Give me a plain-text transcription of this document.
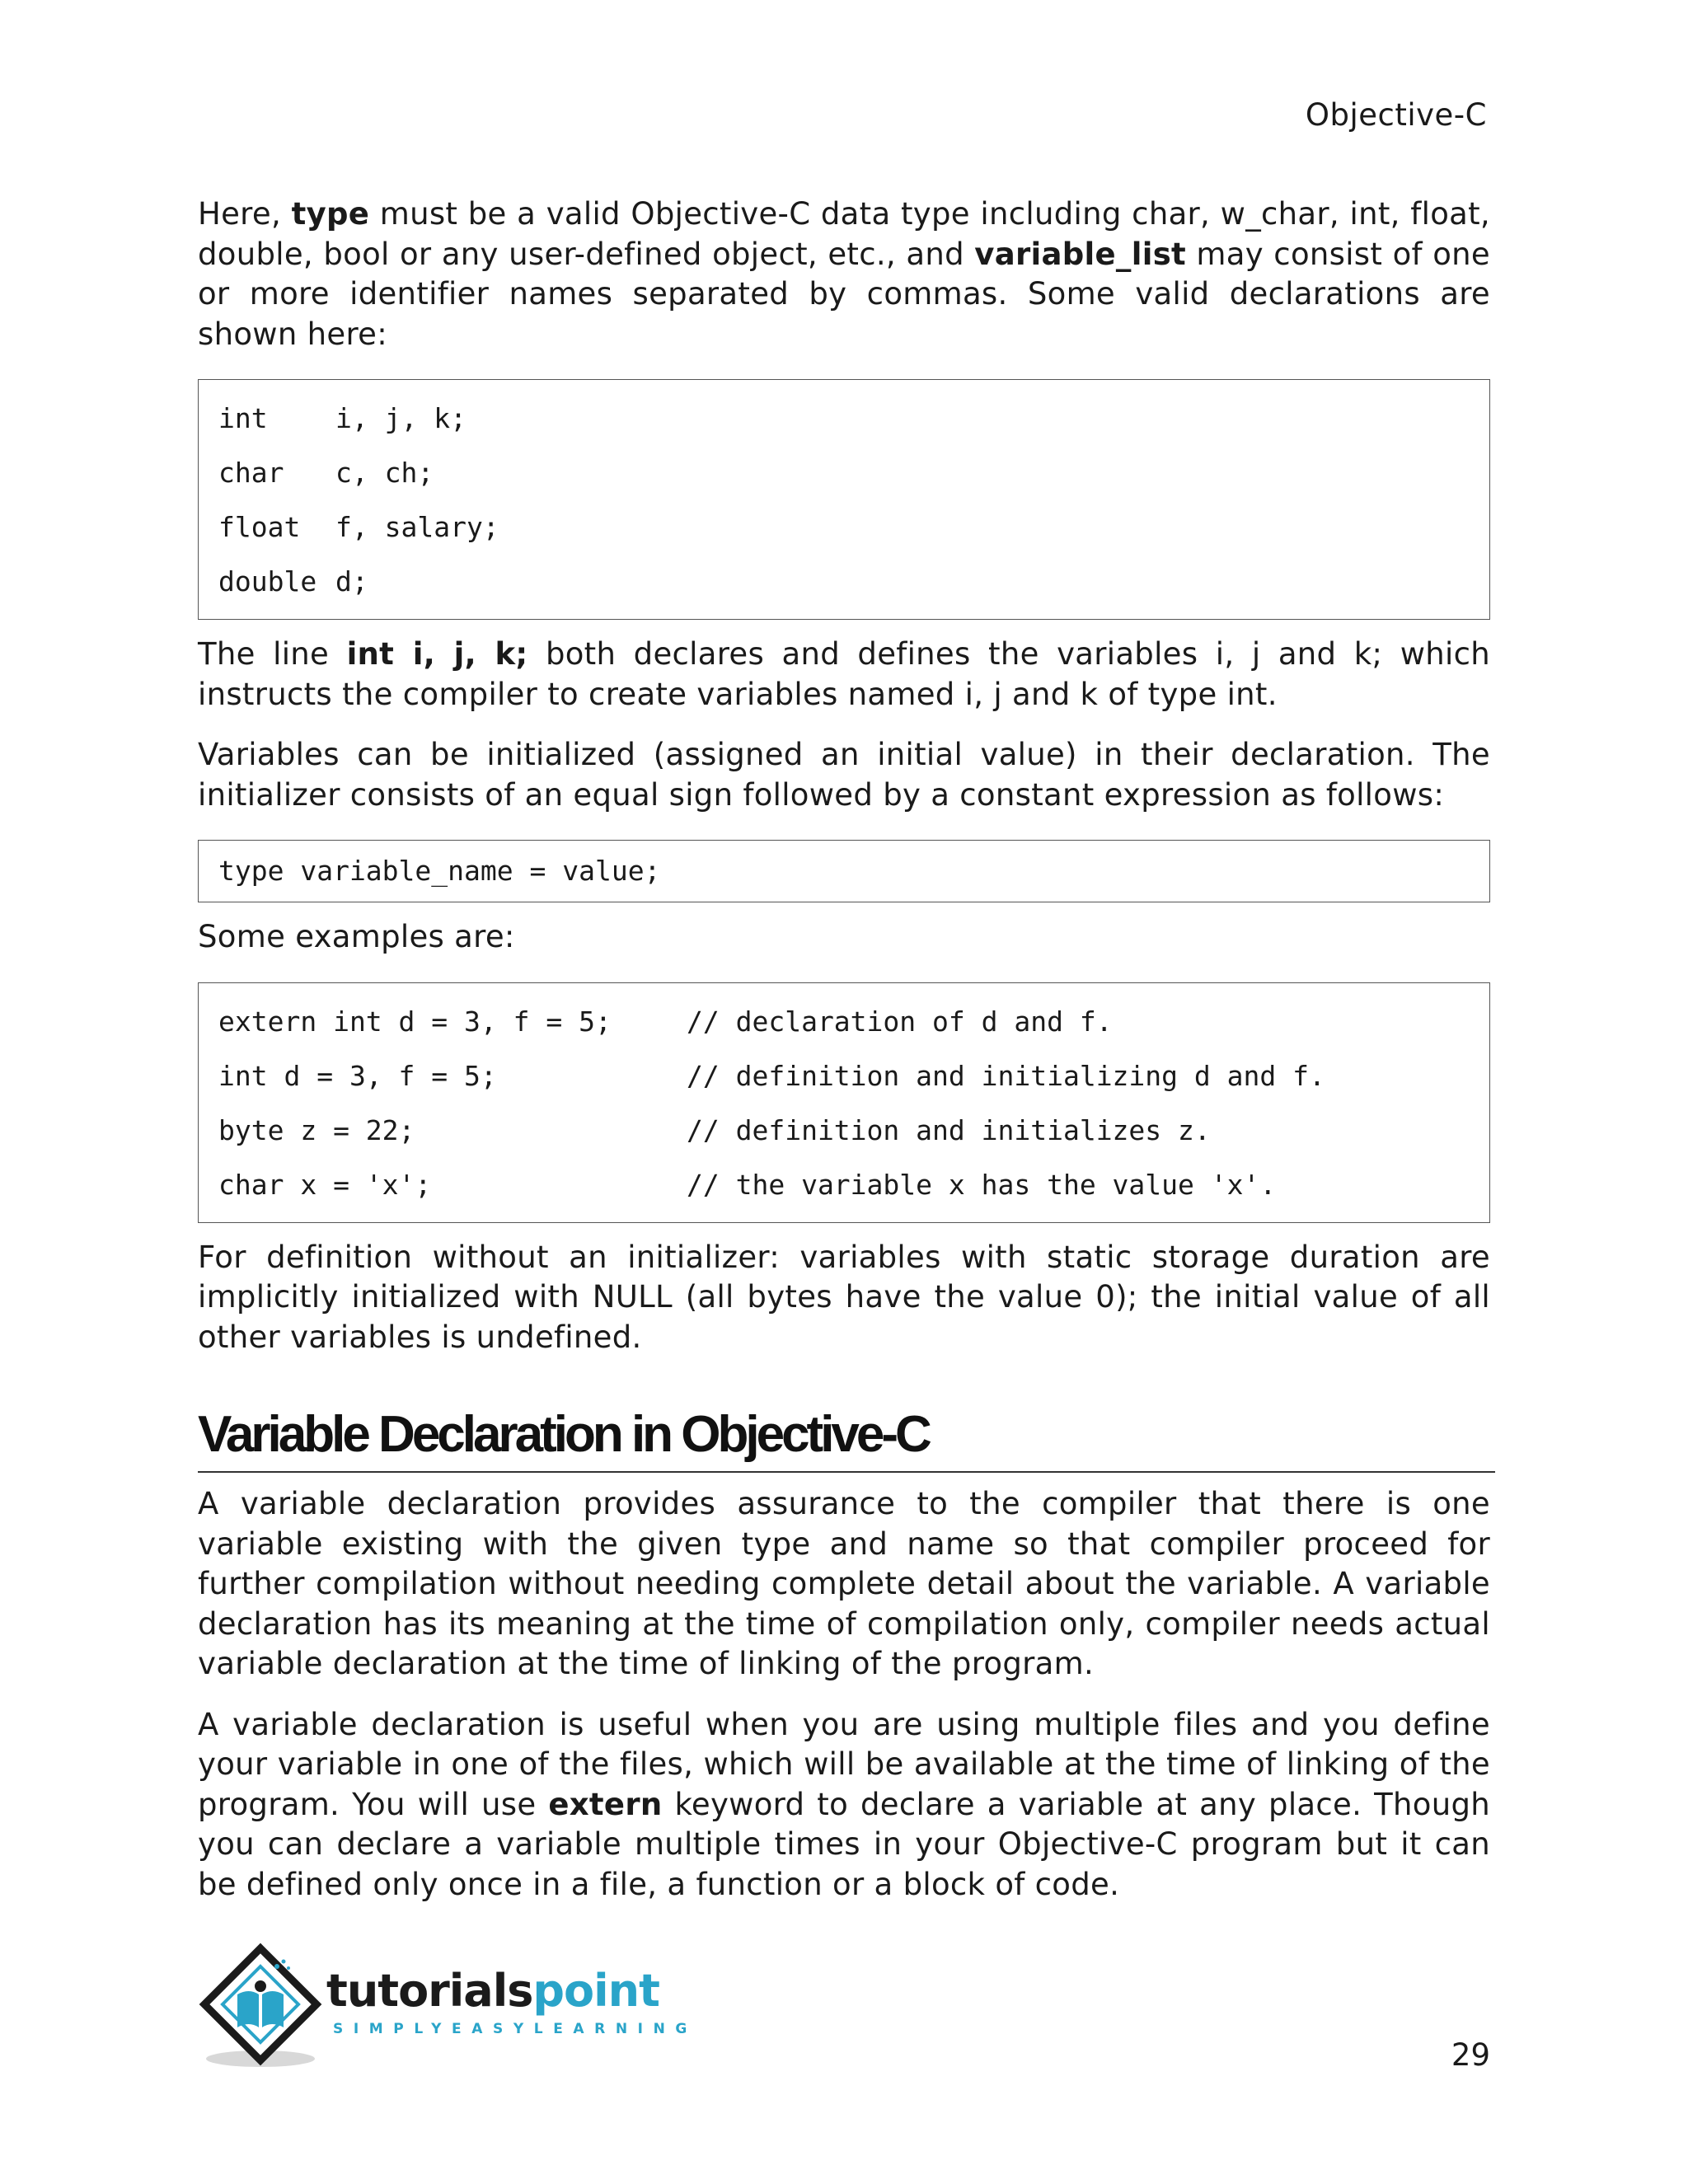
Objective-C

Here, type must be a valid Objective-C data type including char, w_char, int, float, double, bool or any user-defined object, etc., and variable_list may consist of one or more identifier names separated by commas. Some valid declarations are shown here:

int i, j, k;
char c, ch;
float f, salary;
double d;

The line int i, j, k; both declares and defines the variables i, j and k; which instructs the compiler to create variables named i, j and k of type int.

Variables can be initialized (assigned an initial value) in their declaration. The initializer consists of an equal sign followed by a constant expression as follows:

type variable_name = value;

Some examples are:

extern int d = 3, f = 5;	// declaration of d and f.
int d = 3, f = 5;	// definition and initializing d and f.
byte z = 22;	// definition and initializes z.
char x = 'x';	// the variable x has the value 'x'.

For definition without an initializer: variables with static storage duration are implicitly initialized with NULL (all bytes have the value 0); the initial value of all other variables is undefined.

Variable Declaration in Objective-C

A variable declaration provides assurance to the compiler that there is one variable existing with the given type and name so that compiler proceed for further compilation without needing complete detail about the variable. A variable declaration has its meaning at the time of compilation only, compiler needs actual variable declaration at the time of linking of the program.

A variable declaration is useful when you are using multiple files and you define your variable in one of the files, which will be available at the time of linking of the program. You will use extern keyword to declare a variable at any place. Though you can declare a variable multiple times in your Objective-C program but it can be defined only once in a file, a function or a block of code.

tutorialspoint
SIMPLYEASYLEARNING
29
